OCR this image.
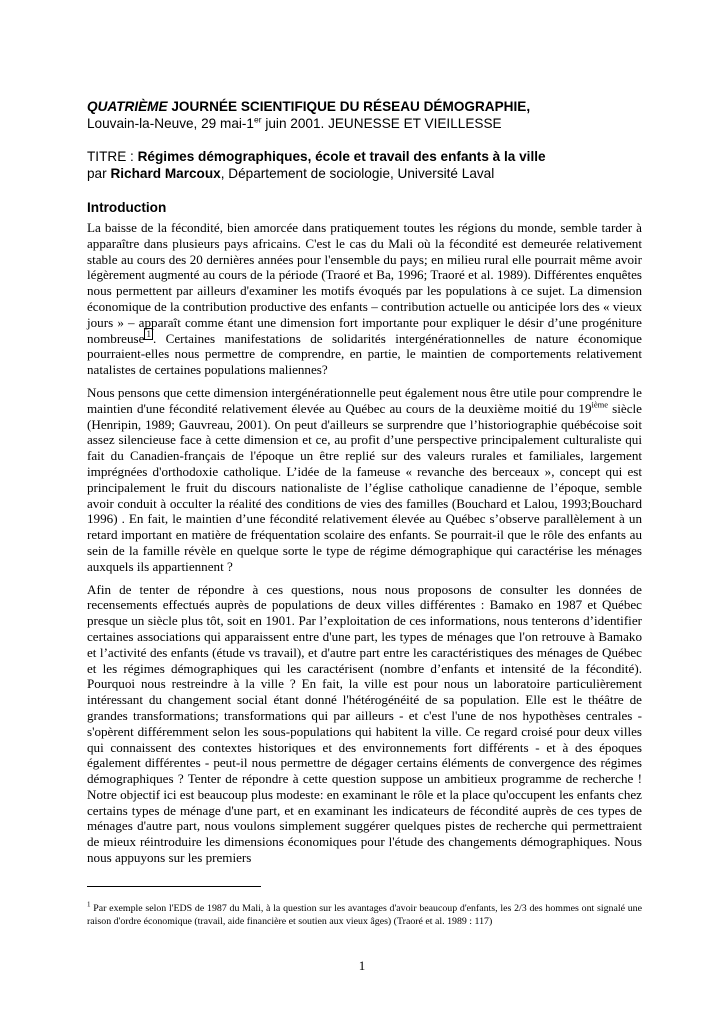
QUATRIÈME JOURNÉE SCIENTIFIQUE DU RÉSEAU DÉMOGRAPHIE,
Louvain-la-Neuve, 29 mai-1er juin 2001. JEUNESSE ET VIEILLESSE
TITRE : Régimes démographiques, école et travail des enfants à la ville
par Richard Marcoux, Département de sociologie, Université Laval
Introduction

La baisse de la fécondité, bien amorcée dans pratiquement toutes les régions du monde, semble tarder à apparaître dans plusieurs pays africains. C'est le cas du Mali où la fécondité est demeurée relativement stable au cours des 20 dernières années pour l'ensemble du pays; en milieu rural elle pourrait même avoir légèrement augmenté au cours de la période (Traoré et Ba, 1996; Traoré et al. 1989). Différentes enquêtes nous permettent par ailleurs d'examiner les motifs évoqués par les populations à ce sujet. La dimension économique de la contribution productive des enfants – contribution actuelle ou anticipée lors des « vieux jours » – apparaît comme étant une dimension fort importante pour expliquer le désir d’une progéniture nombreuse $^1$ . Certaines manifestations de solidarités intergénérationnelles de nature économique pourraient-elles nous permettre de comprendre, en partie, le maintien de comportements relativement natalistes de certaines populations maliennes?

Nous pensons que cette dimension intergénérationnelle peut également nous être utile pour comprendre le maintien d'une fécondité relativement élevée au Québec au cours de la deuxième moitié du 19ième siècle (Henripin, 1989; Gauvreau, 2001). On peut d'ailleurs se surprendre que l’historiographie québécoise soit assez silencieuse face à cette dimension et ce, au profit d’une perspective principalement culturaliste qui fait du Canadien-français de l'époque un être replié sur des valeurs rurales et familiales, largement imprégnées d'orthodoxie catholique. L’idée de la fameuse « revanche des berceaux », concept qui est principalement le fruit du discours nationaliste de l’église catholique canadienne de l’époque, semble avoir conduit à occulter la réalité des conditions de vies des familles (Bouchard et Lalou, 1993;Bouchard 1996) . En fait, le maintien d’une fécondité relativement élevée au Québec s’observe parallèlement à un retard important en matière de fréquentation scolaire des enfants. Se pourrait-il que le rôle des enfants au sein de la famille révèle en quelque sorte le type de régime démographique qui caractérise les ménages auxquels ils appartiennent ?

Afin de tenter de répondre à ces questions, nous nous proposons de consulter les données de recensements effectués auprès de populations de deux villes différentes : Bamako en 1987 et Québec presque un siècle plus tôt, soit en 1901. Par l’exploitation de ces informations, nous tenterons d’identifier certaines associations qui apparaissent entre d'une part, les types de ménages que l'on retrouve à Bamako et l’activité des enfants (étude vs travail), et d'autre part entre les caractéristiques des ménages de Québec et les régimes démographiques qui les caractérisent (nombre d’enfants et intensité de la fécondité). Pourquoi nous restreindre à la ville ? En fait, la ville est pour nous un laboratoire particulièrement intéressant du changement social étant donné l'hétérogénéité de sa population. Elle est le théâtre de grandes transformations; transformations qui par ailleurs - et c'est l'une de nos hypothèses centrales - s'opèrent différemment selon les sous-populations qui habitent la ville. Ce regard croisé pour deux villes qui connaissent des contextes historiques et des environnements fort différents - et à des époques également différentes - peut-il nous permettre de dégager certains éléments de convergence des régimes démographiques ? Tenter de répondre à cette question suppose un ambitieux programme de recherche ! Notre objectif ici est beaucoup plus modeste: en examinant le rôle et la place qu'occupent les enfants chez certains types de ménage d'une part, et en examinant les indicateurs de fécondité auprès de ces types de ménages d'autre part, nous voulons simplement suggérer quelques pistes de recherche qui permettraient de mieux réintroduire les dimensions économiques pour l'étude des changements démographiques. Nous nous appuyons sur les premiers

$^1$ Par exemple selon l'EDS de 1987 du Mali, à la question sur les avantages d'avoir beaucoup d'enfants, les 2/3 des hommes ont signalé une raison d'ordre économique (travail, aide financière et soutien aux vieux âges) (Traoré et al. 1989 : 117)
1
